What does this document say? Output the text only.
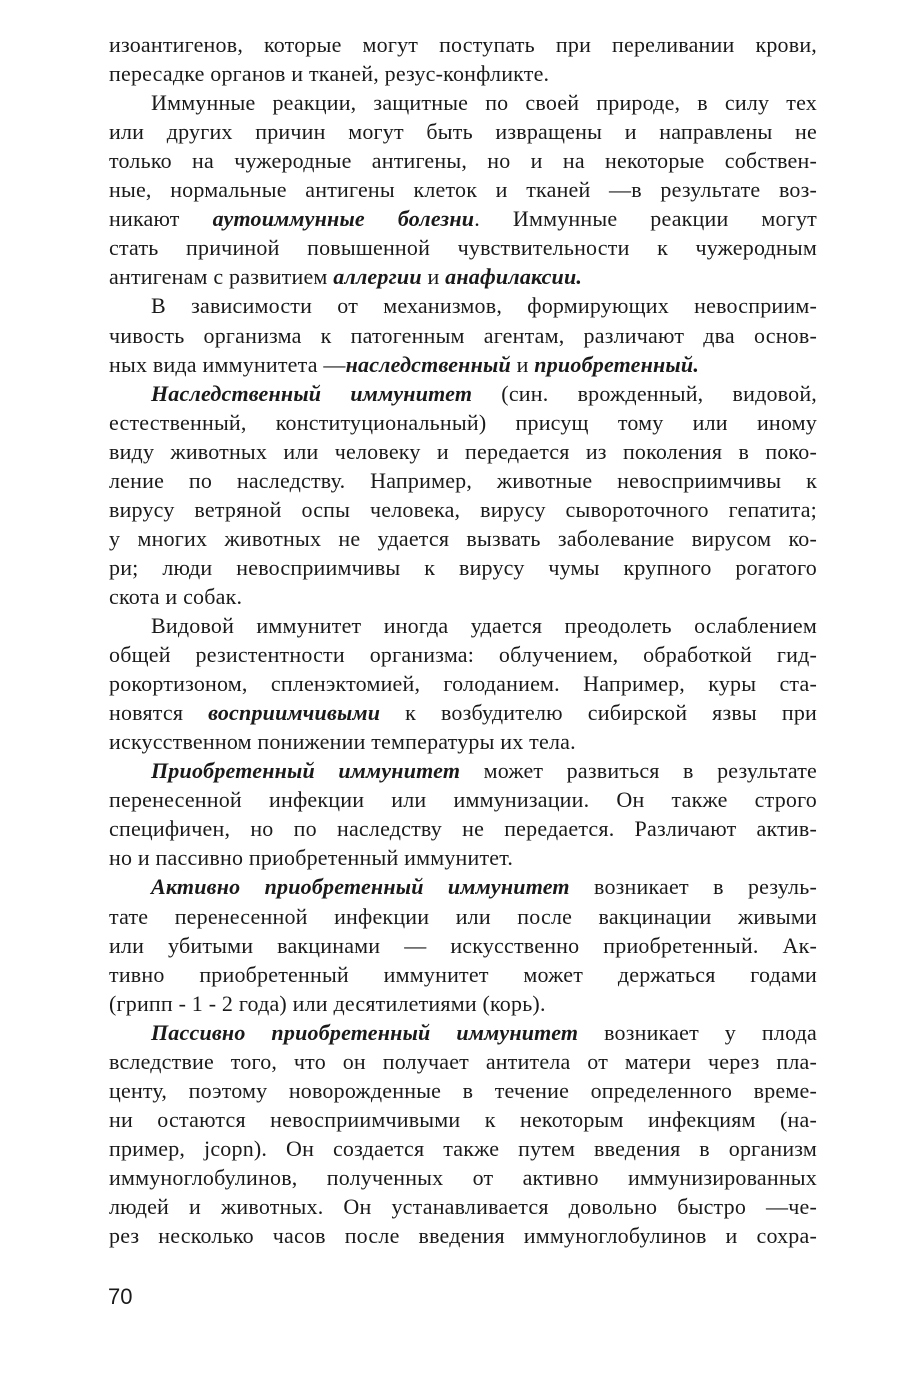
изоантигенов, которые могут поступать при переливании крови,
пересадке органов и тканей, резус-конфликте.
Иммунные реакции, защитные по своей природе, в силу тех
или других причин могут быть извращены и направлены не
только на чужеродные антигены, но и на некоторые собствен-
ные, нормальные антигены клеток и тканей —в результате воз-
никают аутоиммунные болезни. Иммунные реакции могут
стать причиной повышенной чувствительности к чужеродным
антигенам с развитием аллергии и анафилаксии.
В зависимости от механизмов, формирующих невосприим-
чивость организма к патогенным агентам, различают два основ-
ных вида иммунитета —наследственный и приобретенный.
Наследственный иммунитет (син. врожденный, видовой,
естественный, конституциональный) присущ тому или иному
виду животных или человеку и передается из поколения в поко-
ление по наследству. Например, животные невосприимчивы к
вирусу ветряной оспы человека, вирусу сывороточного гепатита;
у многих животных не удается вызвать заболевание вирусом ко-
ри; люди невосприимчивы к вирусу чумы крупного рогатого
скота и собак.
Видовой иммунитет иногда удается преодолеть ослаблением
общей резистентности организма: облучением, обработкой гид-
рокортизоном, спленэктомией, голоданием. Например, куры ста-
новятся восприимчивыми к возбудителю сибирской язвы при
искусственном понижении температуры их тела.
Приобретенный иммунитет может развиться в результате
перенесенной инфекции или иммунизации. Он также строго
специфичен, но по наследству не передается. Различают актив-
но и пассивно приобретенный иммунитет.
Активно приобретенный иммунитет возникает в резуль-
тате перенесенной инфекции или после вакцинации живыми
или убитыми вакцинами — искусственно приобретенный. Ак-
тивно приобретенный иммунитет может держаться годами
(грипп - 1 - 2 года) или десятилетиями (корь).
Пассивно приобретенный иммунитет возникает у плода
вследствие того, что он получает антитела от матери через пла-
центу, поэтому новорожденные в течение определенного време-
ни остаются невосприимчивыми к некоторым инфекциям (на-
пример, jcopn). Он создается также путем введения в организм
иммуноглобулинов, полученных от активно иммунизированных
людей и животных. Он устанавливается довольно быстро —че-
рез несколько часов после введения иммуноглобулинов и сохра-
70
